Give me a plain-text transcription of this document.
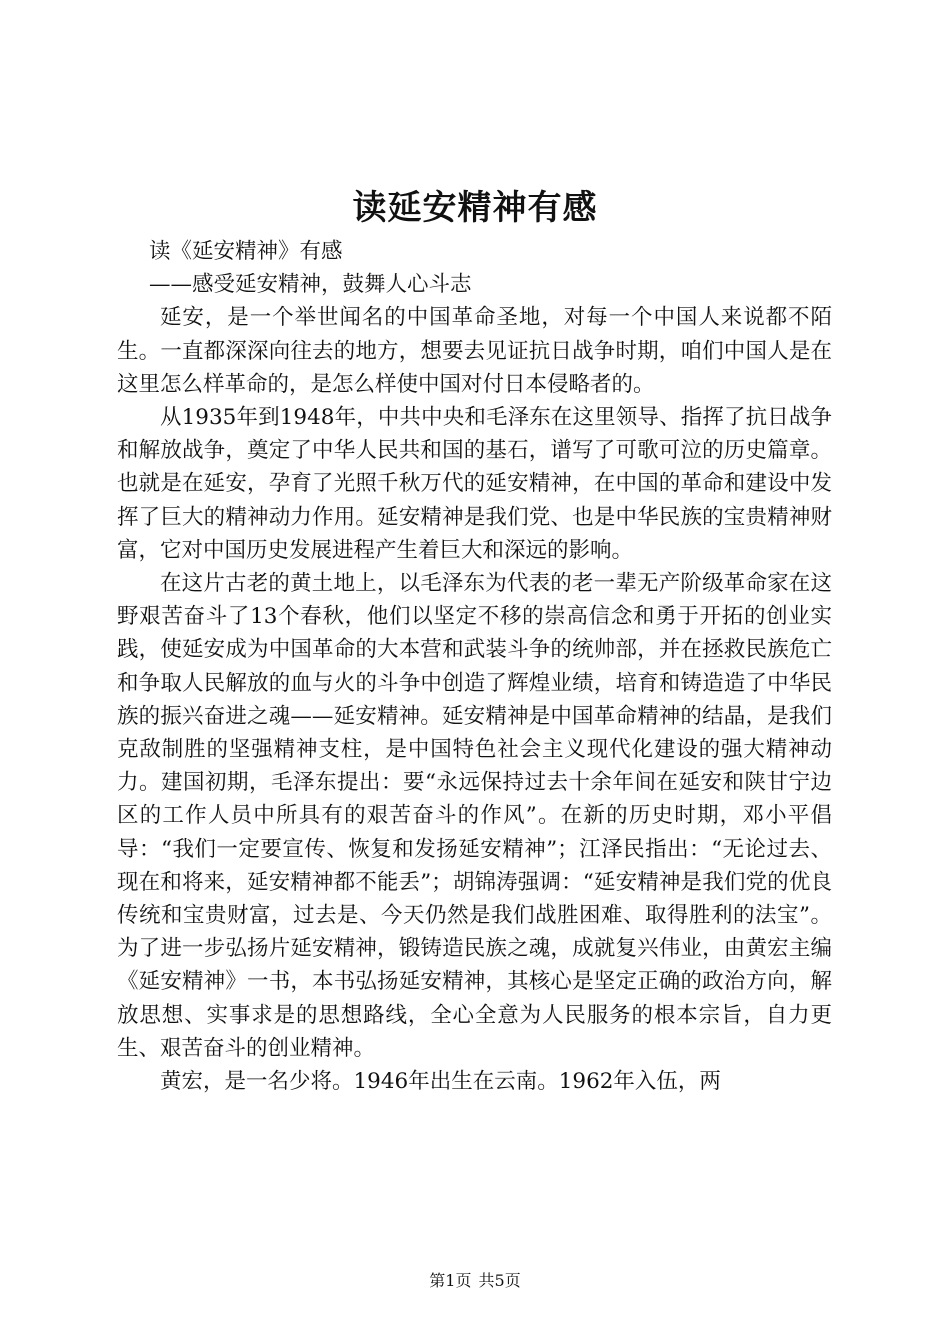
读延安精神有感
读《延安精神》有感
——感受延安精神，鼓舞人心斗志

延安，是一个举世闻名的中国革命圣地，对每一个中国人来说都不陌生。一直都深深向往去的地方，想要去见证抗日战争时期，咱们中国人是在这里怎么样革命的，是怎么样使中国对付日本侵略者的。

从1935年到1948年，中共中央和毛泽东在这里领导、指挥了抗日战争和解放战争，奠定了中华人民共和国的基石，谱写了可歌可泣的历史篇章。也就是在延安，孕育了光照千秋万代的延安精神，在中国的革命和建设中发挥了巨大的精神动力作用。延安精神是我们党、也是中华民族的宝贵精神财富，它对中国历史发展进程产生着巨大和深远的影响。

在这片古老的黄土地上，以毛泽东为代表的老一辈无产阶级革命家在这野艰苦奋斗了13个春秋，他们以坚定不移的崇高信念和勇于开拓的创业实践，使延安成为中国革命的大本营和武装斗争的统帅部，并在拯救民族危亡和争取人民解放的血与火的斗争中创造了辉煌业绩，培育和铸造造了中华民族的振兴奋进之魂——延安精神。延安精神是中国革命精神的结晶，是我们克敌制胜的坚强精神支柱，是中国特色社会主义现代化建设的强大精神动力。建国初期，毛泽东提出：要“永远保持过去十余年间在延安和陕甘宁边区的工作人员中所具有的艰苦奋斗的作风”。在新的历史时期，邓小平倡导：“我们一定要宣传、恢复和发扬延安精神”；江泽民指出：“无论过去、现在和将来，延安精神都不能丢”；胡锦涛强调：“延安精神是我们党的优良传统和宝贵财富，过去是、今天仍然是我们战胜困难、取得胜利的法宝”。为了进一步弘扬片延安精神，锻铸造民族之魂，成就复兴伟业，由黄宏主编《延安精神》一书，本书弘扬延安精神，其核心是坚定正确的政治方向，解放思想、实事求是的思想路线，全心全意为人民服务的根本宗旨，自力更生、艰苦奋斗的创业精神。

黄宏，是一名少将。1946年出生在云南。1962年入伍，两

第1页 共5页
